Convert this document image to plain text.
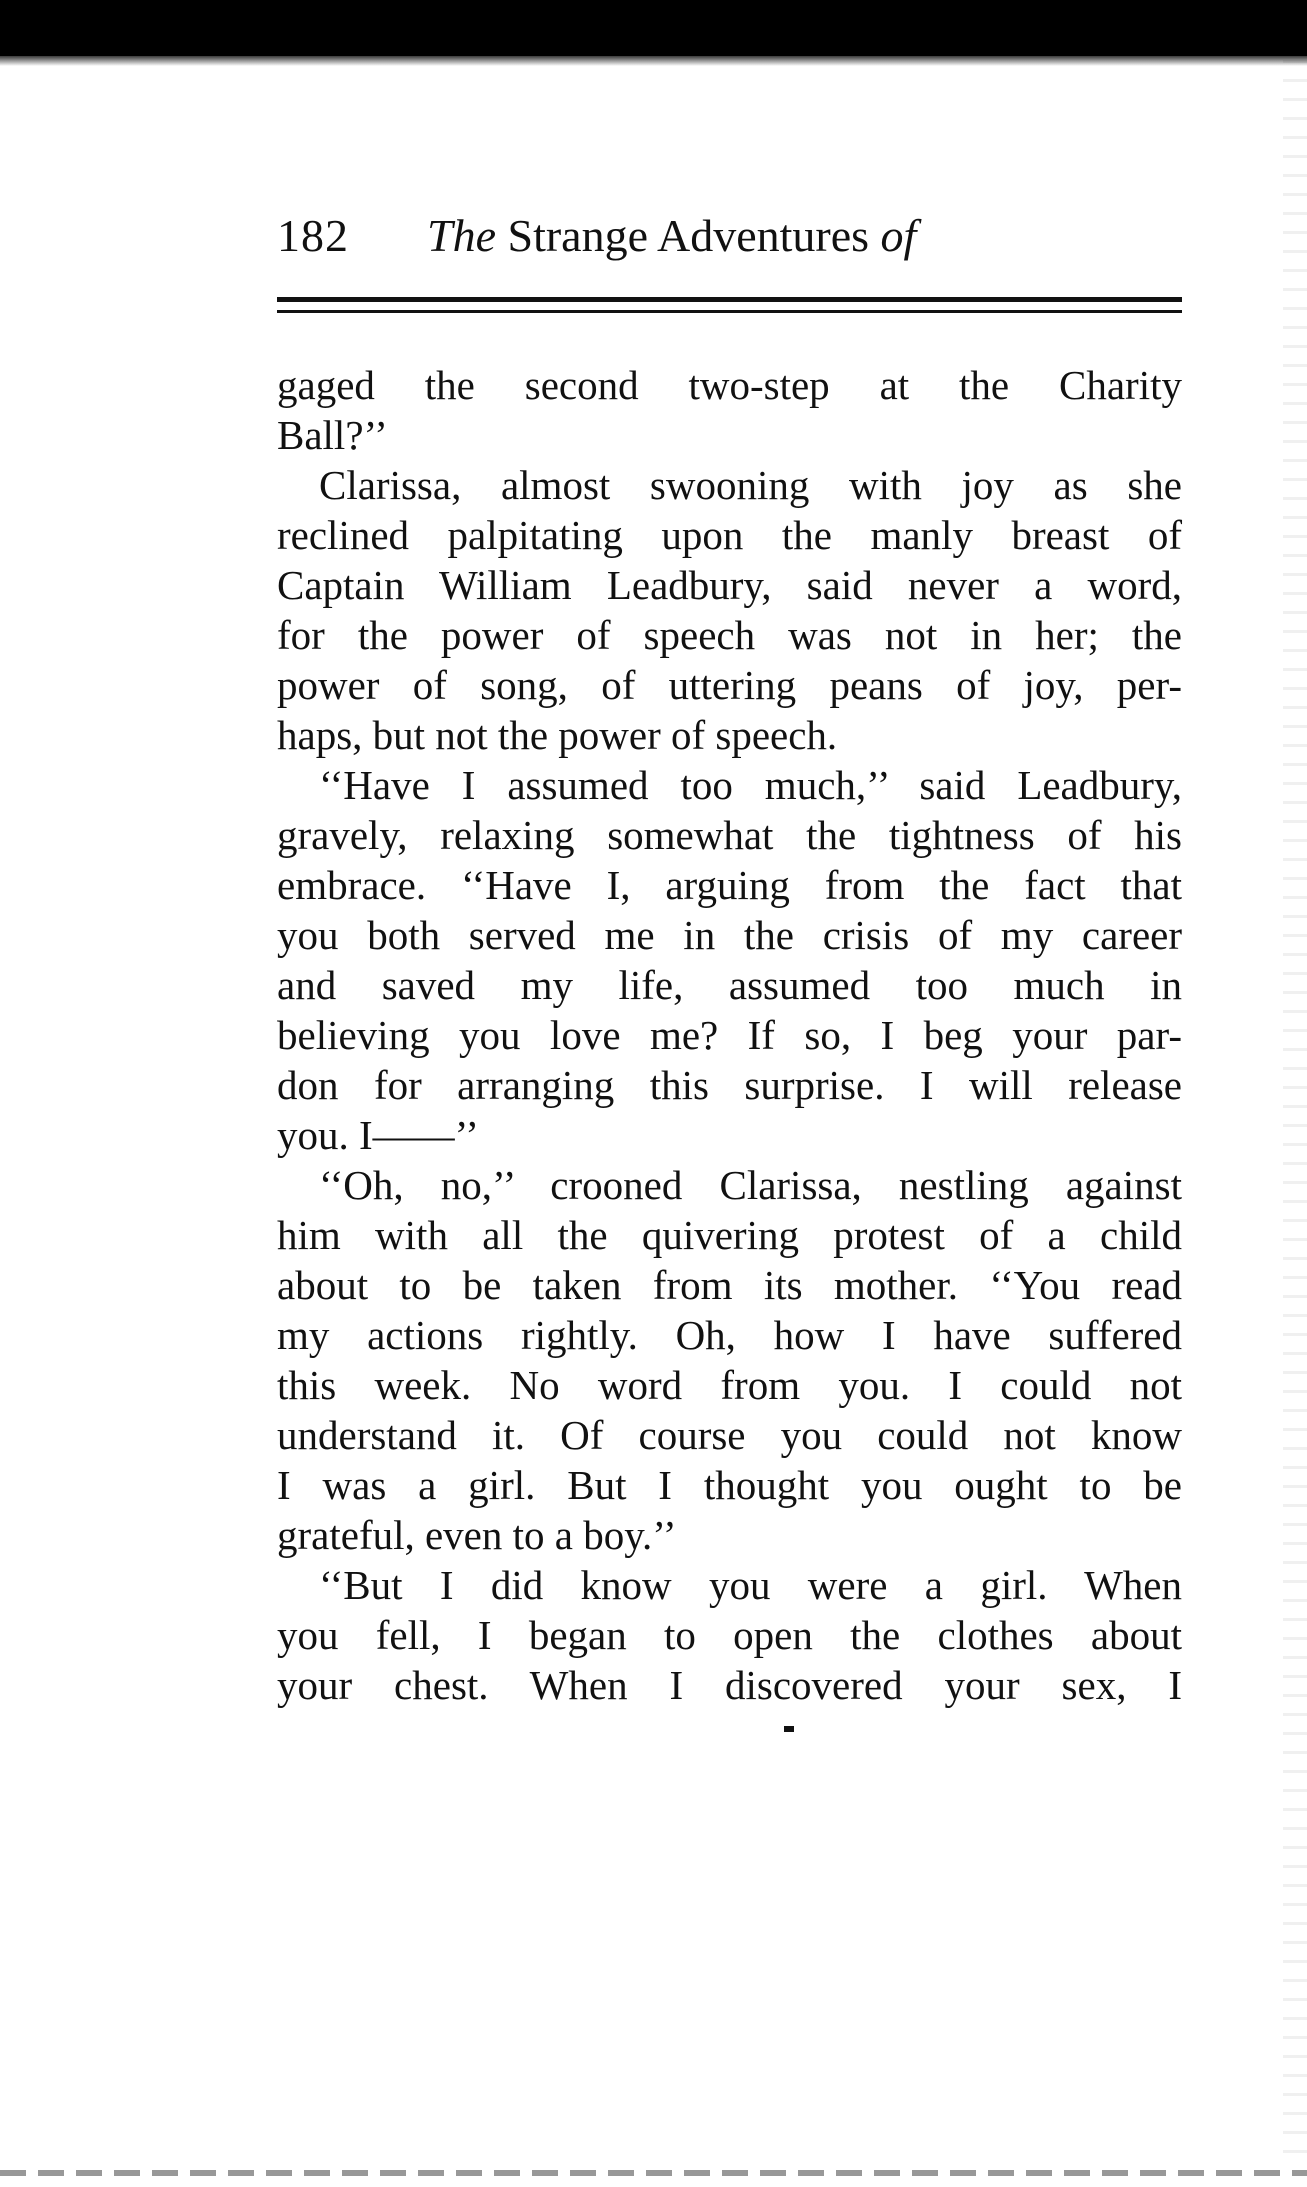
182 The Strange Adventures of
gaged the second two-step at the Charity
Ball?’’
Clarissa, almost swooning with joy as she
reclined palpitating upon the manly breast of
Captain William Leadbury, said never a word,
for the power of speech was not in her; the
power of song, of uttering peans of joy, per-
haps, but not the power of speech.
‘‘Have I assumed too much,’’ said Leadbury,
gravely, relaxing somewhat the tightness of his
embrace. ‘‘Have I, arguing from the fact that
you both served me in the crisis of my career
and saved my life, assumed too much in
believing you love me? If so, I beg your par-
don for arranging this surprise. I will release
you. I——’’
‘‘Oh, no,’’ crooned Clarissa, nestling against
him with all the quivering protest of a child
about to be taken from its mother. ‘‘You read
my actions rightly. Oh, how I have suffered
this week. No word from you. I could not
understand it. Of course you could not know
I was a girl. But I thought you ought to be
grateful, even to a boy.’’
‘‘But I did know you were a girl. When
you fell, I began to open the clothes about
your chest. When I discovered your sex, I
